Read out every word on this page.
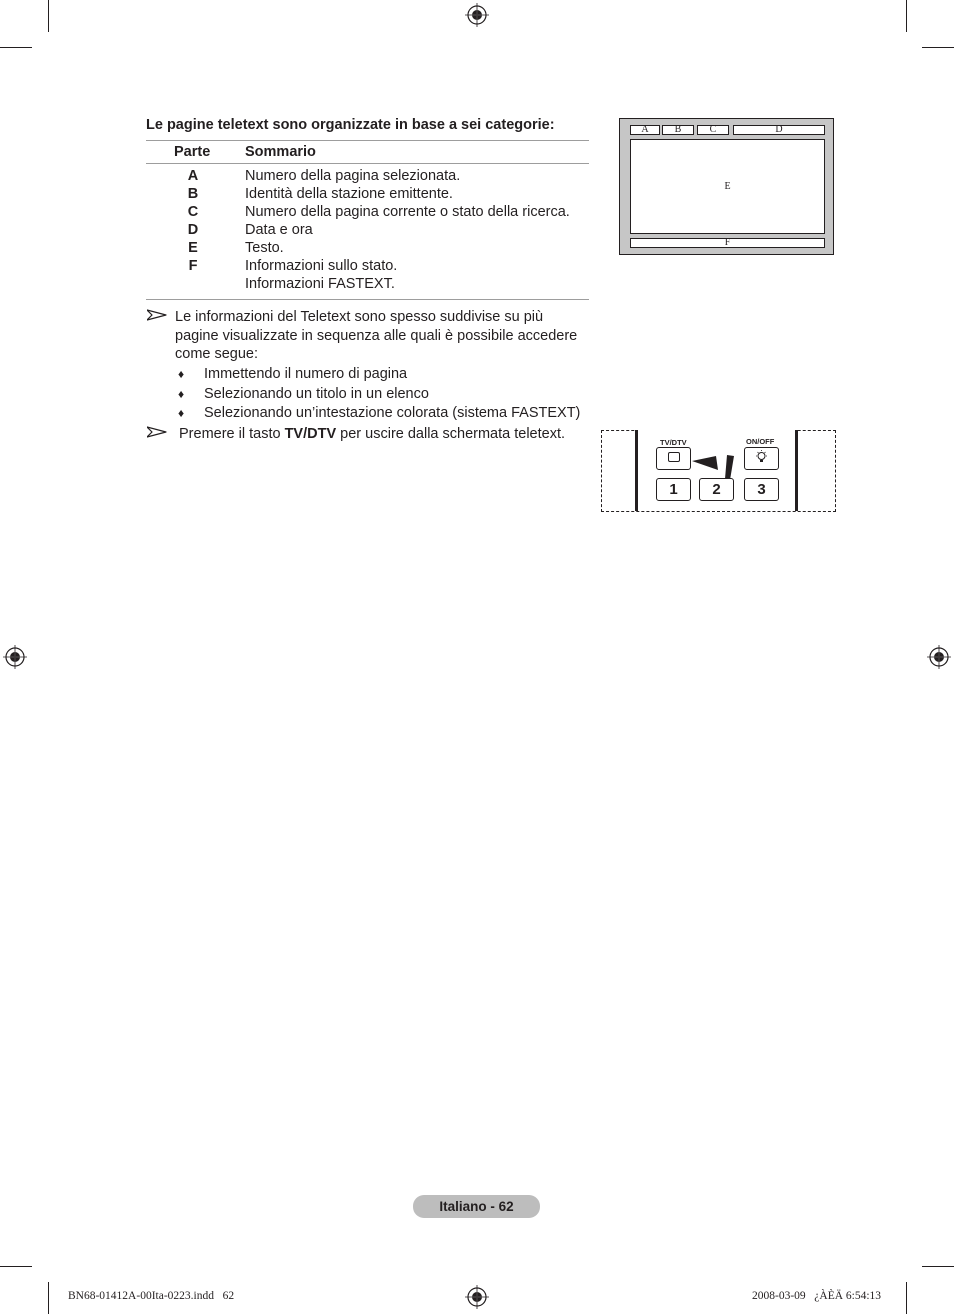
Le pagine teletext sono organizzate in base a sei categorie:
Parte Sommario
A	Numero della pagina selezionata.
B	Identità della stazione emittente.
C	Numero della pagina corrente o stato della ricerca.
D	Data e ora
E	Testo.
F	Informazioni sullo stato.
Informazioni FASTEXT.
Le informazioni del Teletext sono spesso suddivise su più
pagine visualizzate in sequenza alle quali è possibile accedere
come segue:
♦ Immettendo il numero di pagina
♦ Selezionando un titolo in un elenco
♦ Selezionando un’intestazione colorata (sistema FASTEXT)
Premere il tasto TV/DTV per uscire dalla schermata teletext.
A	B	C	D
E
F
TV/DTV	ON/OFF
1	2	3
Italiano - 62
BN68-01412A-00Ita-0223.indd   62	2008-03-09   ¿ÀÈÄ 6:54:13
